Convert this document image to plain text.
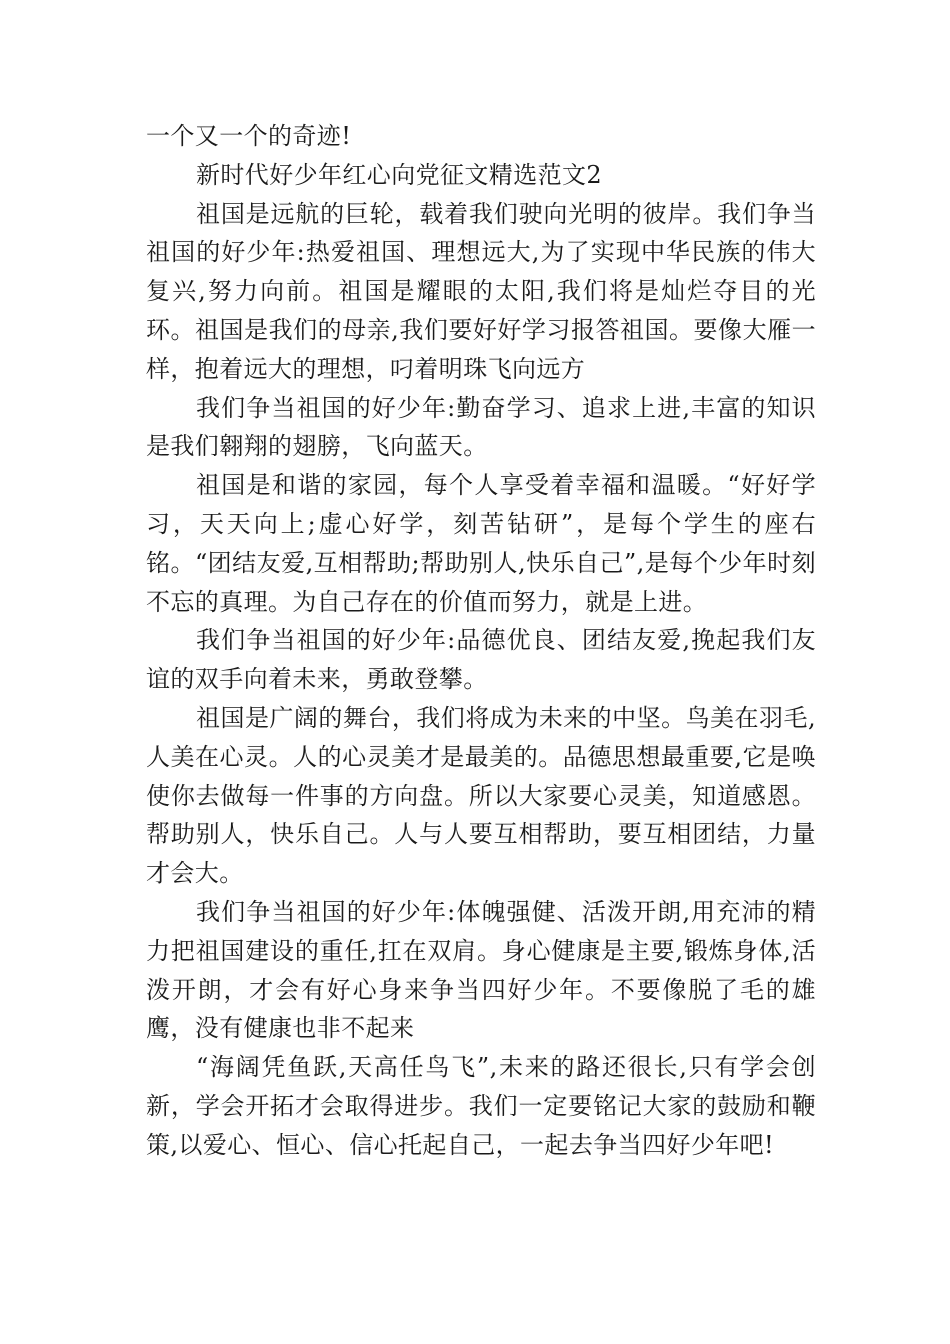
一个又一个的奇迹!

新时代好少年红心向党征文精选范文2

祖国是远航的巨轮，载着我们驶向光明的彼岸。我们争当祖国的好少年:热爱祖国、理想远大,为了实现中华民族的伟大复兴,努力向前。祖国是耀眼的太阳,我们将是灿烂夺目的光环。祖国是我们的母亲,我们要好好学习报答祖国。要像大雁一样，抱着远大的理想，叼着明珠飞向远方

我们争当祖国的好少年:勤奋学习、追求上进,丰富的知识是我们翱翔的翅膀，飞向蓝天。

祖国是和谐的家园，每个人享受着幸福和温暖。“好好学习，天天向上;虚心好学，刻苦钻研”，是每个学生的座右铭。“团结友爱,互相帮助;帮助别人,快乐自己”,是每个少年时刻不忘的真理。为自己存在的价值而努力，就是上进。

我们争当祖国的好少年:品德优良、团结友爱,挽起我们友谊的双手向着未来，勇敢登攀。

祖国是广阔的舞台，我们将成为未来的中坚。鸟美在羽毛,人美在心灵。人的心灵美才是最美的。品德思想最重要,它是唤使你去做每一件事的方向盘。所以大家要心灵美，知道感恩。帮助别人，快乐自己。人与人要互相帮助，要互相团结，力量才会大。

我们争当祖国的好少年:体魄强健、活泼开朗,用充沛的精力把祖国建设的重任,扛在双肩。身心健康是主要,锻炼身体,活泼开朗，才会有好心身来争当四好少年。不要像脱了毛的雄鹰，没有健康也非不起来

“海阔凭鱼跃,天高任鸟飞”,未来的路还很长,只有学会创新，学会开拓才会取得进步。我们一定要铭记大家的鼓励和鞭策,以爱心、恒心、信心托起自己，一起去争当四好少年吧!
